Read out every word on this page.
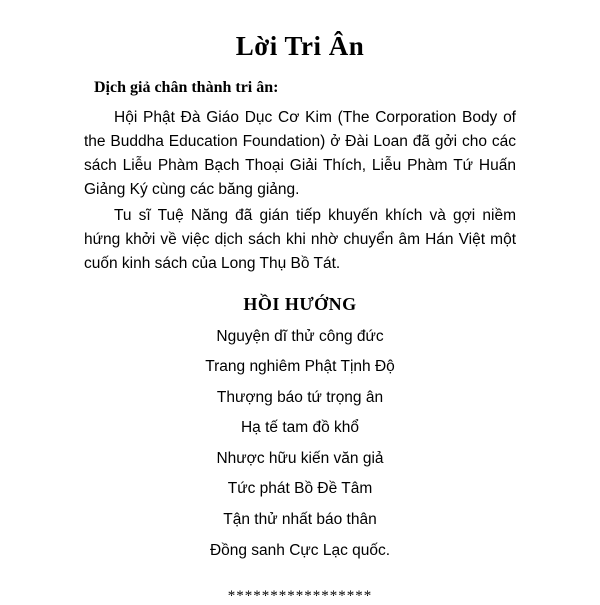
Lời Tri Ân

Dịch giả chân thành tri ân:

Hội Phật Đà Giáo Dục Cơ Kim (The Corporation Body of the Buddha Education Foundation) ở Đài Loan đã gởi cho các sách Liễu Phàm Bạch Thoại Giải Thích, Liễu Phàm Tứ Huấn Giảng Ký cùng các băng giảng.

Tu sĩ Tuệ Năng đã gián tiếp khuyến khích và gợi niềm hứng khởi về việc dịch sách khi nhờ chuyển âm Hán Việt một cuốn kinh sách của Long Thụ Bồ Tát.

HỒI HƯỚNG

Nguyện dĩ thử công đức

Trang nghiêm Phật Tịnh Độ

Thượng báo tứ trọng ân

Hạ tế tam đồ khổ

Nhược hữu kiến văn giả

Tức phát Bồ Đề Tâm

Tận thử nhất báo thân

Đồng sanh Cực Lạc quốc.

*****************
